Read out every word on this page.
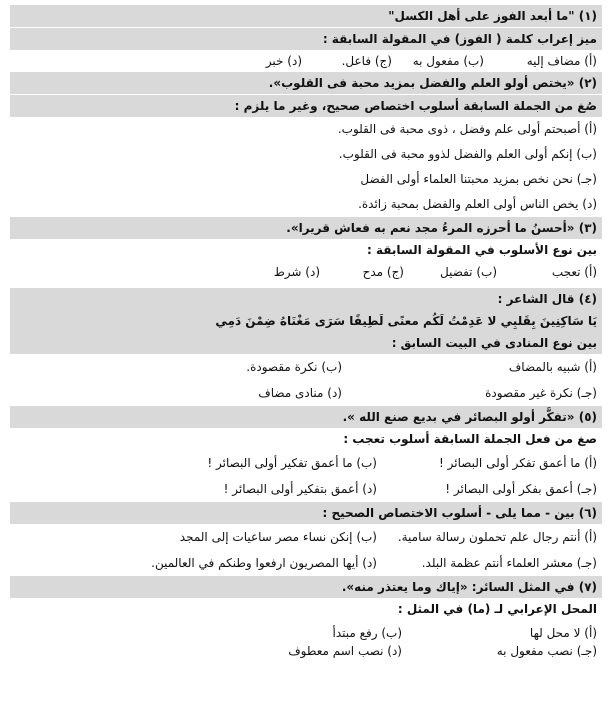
(١) "ما أبعد الفوز على أهل الكسل"
ميز إعراب كلمة ( الفوز) في المقولة السابقة :
(أ) مضاف إليه
(ب) مفعول به
(ج) فاعل.
(د) خبر
(٢) «يختص أولو العلم والفضل بمزيد محبة فى القلوب».
صُغ من الجملة السابقة أسلوب اختصاص صحيح، وغير ما يلزم :
(أ) أصبحتم أولى علم وفضل ، ذوى محبة فى القلوب.
(ب) إنكم أولى العلم والفضل لذوو محبة فى القلوب.
(جـ) نحن نخص بمزيد محبتنا العلماء أولى الفضل
(د) يخص الناس أولى العلم والفضل بمحبة زائدة.
(٣) «أحسنُ ما أحرزه المرءُ مجد نعم به فعاش قريرا».
بين نوع الأسلوب في المقولة السابقة :
(أ) تعجب
(ب) تفضيل
(ج) مدح
(د) شرط
(٤) قال الشاعر :
يَا سَاكِنِينَ بِقَلبِي لا عَدِمْتُ لَكُم معنًى لَطِيفًا سَرَى مَغْنَاهُ ضِمْنَ دَمِي
بين نوع المنادى في البيت السابق :
(أ) شبيه بالمضاف
(ب) نكرة مقصودة.
(جـ) نكرة غير مقصودة
(د) منادى مضاف
(٥) «تفكَّر أولو البصائر في بديع صنع الله ».
صغ من فعل الجملة السابقة أسلوب تعجب :
(أ) ما أعمق تفكر أولى البصائر !
(ب) ما أعمق تفكير أولى البصائر !
(جـ) أعمق بفكر أولى البصائر !
(د) أعمق بتفكير أولى البصائر !
(٦) بين - مما يلى - أسلوب الاختصاص الصحيح :
(أ) أنتم رجال علم تحملون رسالة سامية.
(ب) إنكن نساء مصر ساعيات إلى المجد
(جـ) معشر العلماء أنتم عظمة البلد.
(د) أيها المصريون ارفعوا وطنكم في العالمين.
(٧) في المثل السائر: «إياك وما يعتذر منه».
المحل الإعرابي لـ (ما) في المثل :
(أ) لا محل لها
(ب) رفع مبتدأ
(جـ) نصب مفعول به
(د) نصب اسم معطوف
